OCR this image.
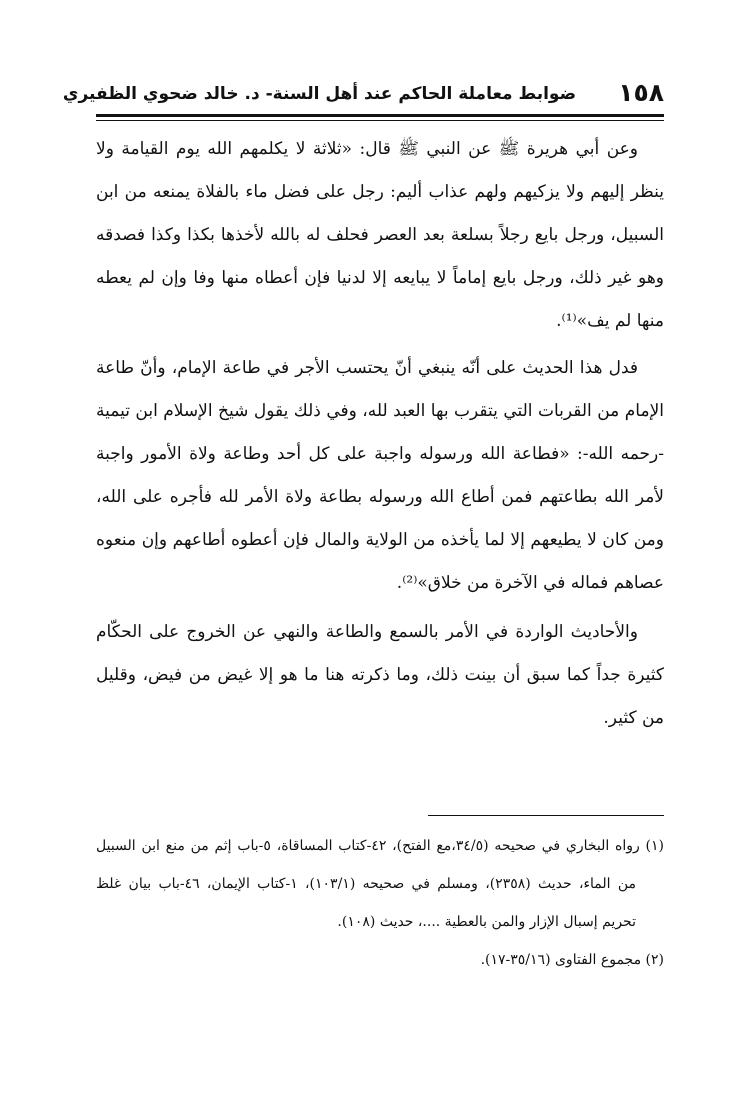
١٥٨
ضوابط معاملة الحاكم عند أهل السنة- د. خالد ضحوي الظفيري

وعن أبي هريرة ﷺ عن النبي ﷺ قال: «ثلاثة لا يكلمهم الله يوم القيامة ولا ينظر إليهم ولا يزكيهم ولهم عذاب أليم: رجل على فضل ماء بالفلاة يمنعه من ابن السبيل، ورجل بايع رجلاً بسلعة بعد العصر فحلف له بالله لأخذها بكذا وكذا فصدقه وهو غير ذلك، ورجل بايع إماماً لا يبايعه إلا لدنيا فإن أعطاه منها وفا وإن لم يعطه منها لم يف»⁽¹⁾.

فدل هذا الحديث على أنّه ينبغي أنّ يحتسب الأجر في طاعة الإمام، وأنّ طاعة الإمام من القربات التي يتقرب بها العبد لله، وفي ذلك يقول شيخ الإسلام ابن تيمية -رحمه الله-: «فطاعة الله ورسوله واجبة على كل أحد وطاعة ولاة الأمور واجبة لأمر الله بطاعتهم فمن أطاع الله ورسوله بطاعة ولاة الأمر لله فأجره على الله، ومن كان لا يطيعهم إلا لما يأخذه من الولاية والمال فإن أعطوه أطاعهم وإن منعوه عصاهم فماله في الآخرة من خلاق»⁽²⁾.

والأحاديث الواردة في الأمر بالسمع والطاعة والنهي عن الخروج على الحكّام كثيرة جداً كما سبق أن بينت ذلك، وما ذكرته هنا ما هو إلا غيض من فيض، وقليل من كثير.

(١) رواه البخاري في صحيحه (٣٤/٥،مع الفتح)، ٤٢-كتاب المساقاة، ٥-باب إثم من منع ابن السبيل من الماء، حديث (٢٣٥٨)، ومسلم في صحيحه (١٠٣/١)، ١-كتاب الإيمان، ٤٦-باب بيان غلظ تحريم إسبال الإزار والمن بالعطية ....، حديث (١٠٨).

(٢) مجموع الفتاوى (٣٥/١٦-١٧).
